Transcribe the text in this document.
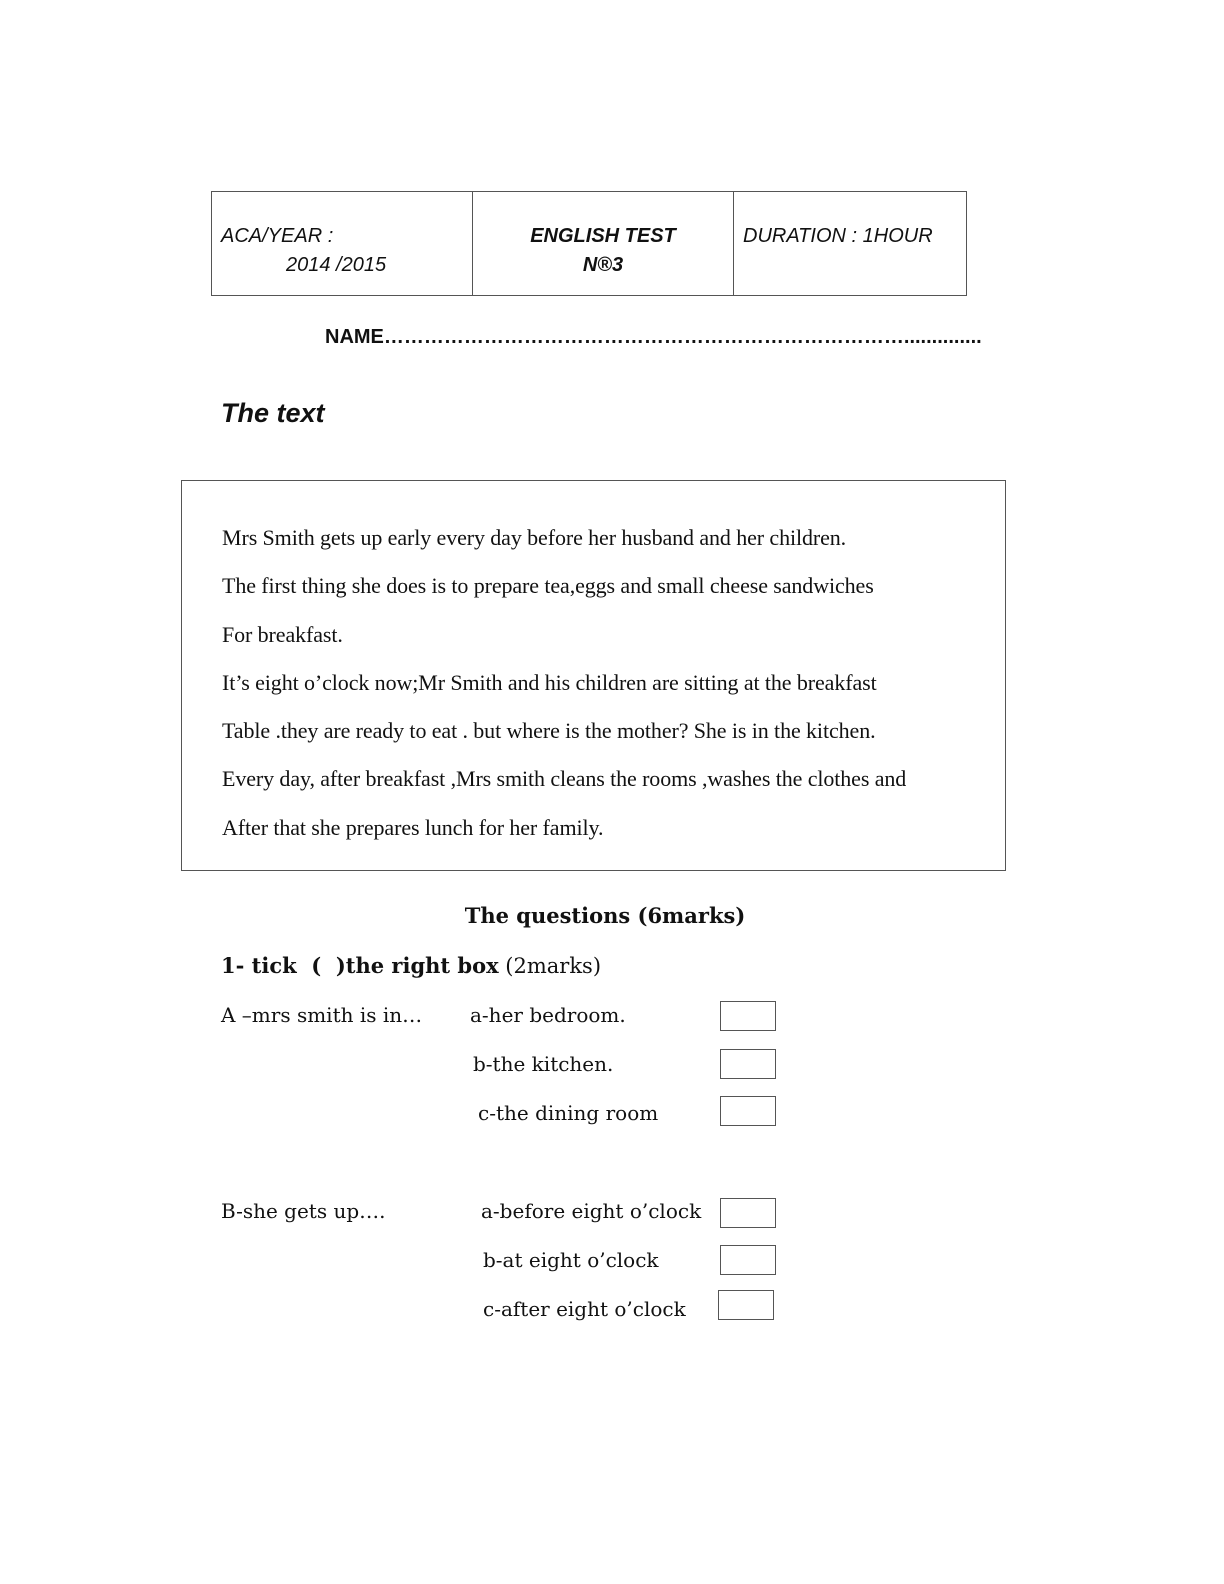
ACA/YEAR :
2014 /2015
ENGLISH TEST
N®3
DURATION : 1HOUR
NAME……………………………………………………………………..............
The text
Mrs Smith gets up early every day before her husband and her children.
The first thing she does is to prepare tea,eggs and small cheese sandwiches
For breakfast.
It’s eight o’clock now;Mr Smith and his children are sitting at the breakfast
Table .they are ready to eat . but where is the mother? She is in the kitchen.
Every day, after breakfast ,Mrs smith cleans the rooms ,washes the clothes and
After that she prepares lunch for her family.
The questions (6marks)
1- tick  (  )the right box (2marks)
A –mrs smith is in… a-her bedroom.
b-the kitchen.
c-the dining room
B-she gets up….	a-before eight o’clock
b-at eight o’clock
c-after eight o’clock
